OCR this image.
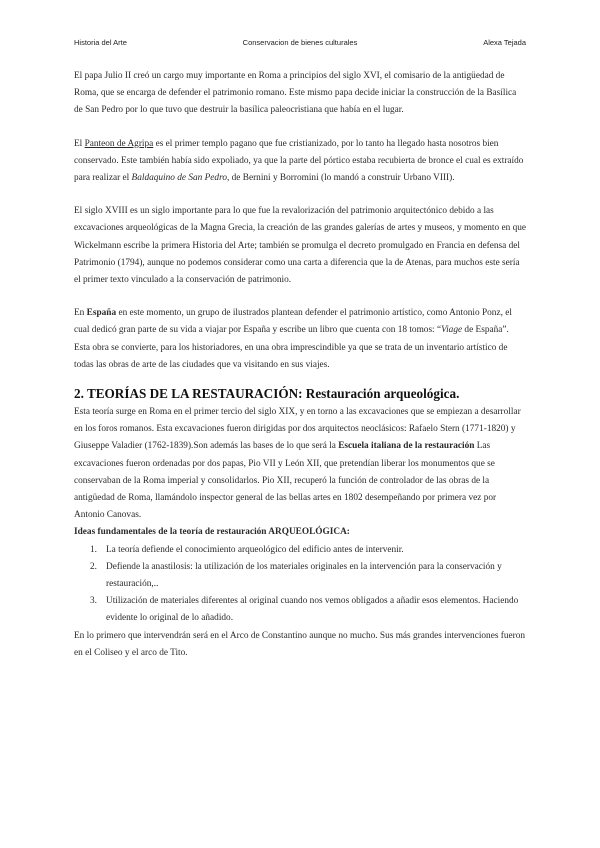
Historia del Arte	Conservacion de bienes culturales	Alexa Tejada

El papa Julio II creó un cargo muy importante en Roma a principios del siglo XVI, el comisario de la antigüedad de Roma, que se encarga de defender el patrimonio romano. Este mismo papa decide iniciar la construcción de la Basílica de San Pedro por lo que tuvo que destruir la basílica paleocristiana que había en el lugar.

El Panteon de Agripa es el primer templo pagano que fue cristianizado, por lo tanto ha llegado hasta nosotros bien conservado. Este también había sido expoliado, ya que la parte del pórtico estaba recubierta de bronce el cual es extraído para realizar el Baldaquino de San Pedro, de Bernini y Borromini (lo mandó a construir Urbano VIII).

El siglo XVIII es un siglo importante para lo que fue la revalorización del patrimonio arquitectónico debido a las excavaciones arqueológicas de la Magna Grecia, la creación de las grandes galerías de artes y museos, y momento en que Wickelmann escribe la primera Historia del Arte; también se promulga el decreto promulgado en Francia en defensa del Patrimonio (1794), aunque no podemos considerar como una carta a diferencia que la de Atenas, para muchos este sería el primer texto vinculado a la conservación de patrimonio.

En España en este momento, un grupo de ilustrados plantean defender el patrimonio artístico, como Antonio Ponz, el cual dedicó gran parte de su vida a viajar por España y escribe un libro que cuenta con 18 tomos: “Viage de España”. Esta obra se convierte, para los historiadores, en una obra imprescindible ya que se trata de un inventario artístico de todas las obras de arte de las ciudades que va visitando en sus viajes.

2. TEORÍAS DE LA RESTAURACIÓN: Restauración arqueológica.

Esta teoría surge en Roma en el primer tercio del siglo XIX, y en torno a las excavaciones que se empiezan a desarrollar en los foros romanos. Esta excavaciones fueron dirigidas por dos arquitectos neoclásicos: Rafaelo Stern (1771-1820) y Giuseppe Valadier (1762-1839).Son además las bases de lo que será la Escuela italiana de la restauración Las excavaciones fueron ordenadas por dos papas, Pio VII y León XII, que pretendían liberar los monumentos que se conservaban de la Roma imperial y consolidarlos. Pio XII, recuperó la función de controlador de las obras de la antigüedad de Roma, llamándolo inspector general de las bellas artes en 1802 desempeñando por primera vez por Antonio Canovas.

Ideas fundamentales de la teoría de restauración ARQUEOLÓGICA:

1. La teoría defiende el conocimiento arqueológico del edificio antes de intervenir.
2. Defiende la anastilosis: la utilización de los materiales originales en la intervención para la conservación y restauración,..
3. Utilización de materiales diferentes al original cuando nos vemos obligados a añadir esos elementos. Haciendo evidente lo original de lo añadido.

En lo primero que intervendrán será en el Arco de Constantino aunque no mucho. Sus más grandes intervenciones fueron en el Coliseo y el arco de Tito.
